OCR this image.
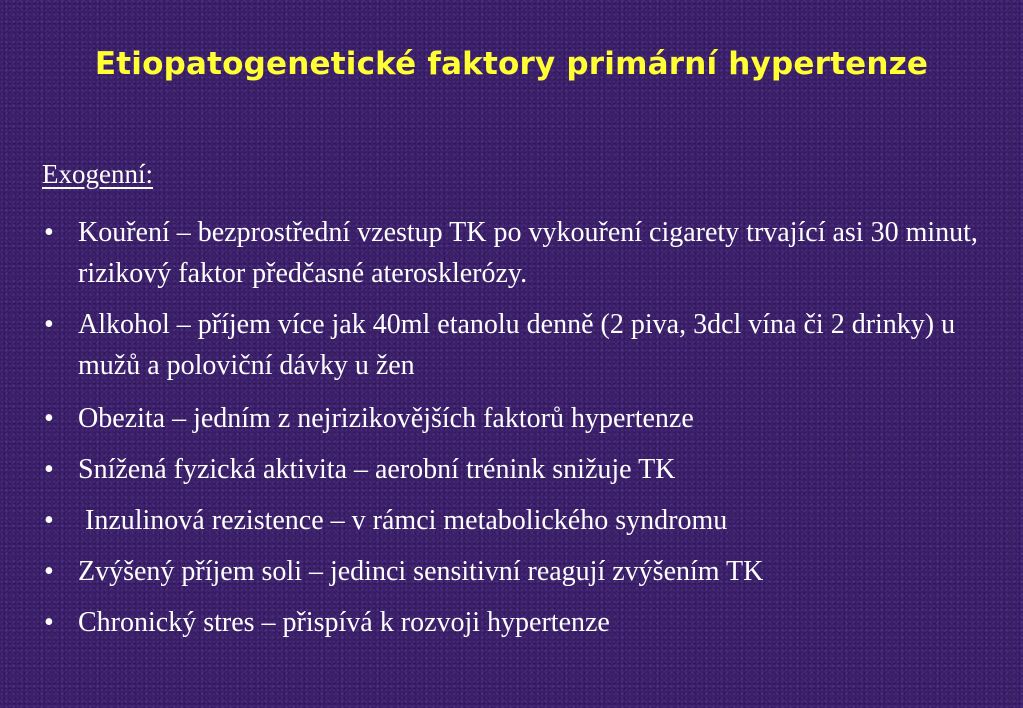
Etiopatogenetické faktory primární hypertenze
Exogenní:
• Kouření – bezprostřední vzestup TK po vykouření cigarety trvající asi 30 minut, rizikový faktor předčasné aterosklerózy.
• Alkohol – příjem více jak 40ml etanolu denně (2 piva, 3dcl vína či 2 drinky) u mužů a poloviční dávky u žen
• Obezita – jedním z nejrizikovějších faktorů hypertenze
• Snížená fyzická aktivita – aerobní trénink snižuje TK
• Inzulinová rezistence – v rámci metabolického syndromu
• Zvýšený příjem soli – jedinci sensitivní reagují zvýšením TK
• Chronický stres – přispívá k rozvoji hypertenze
